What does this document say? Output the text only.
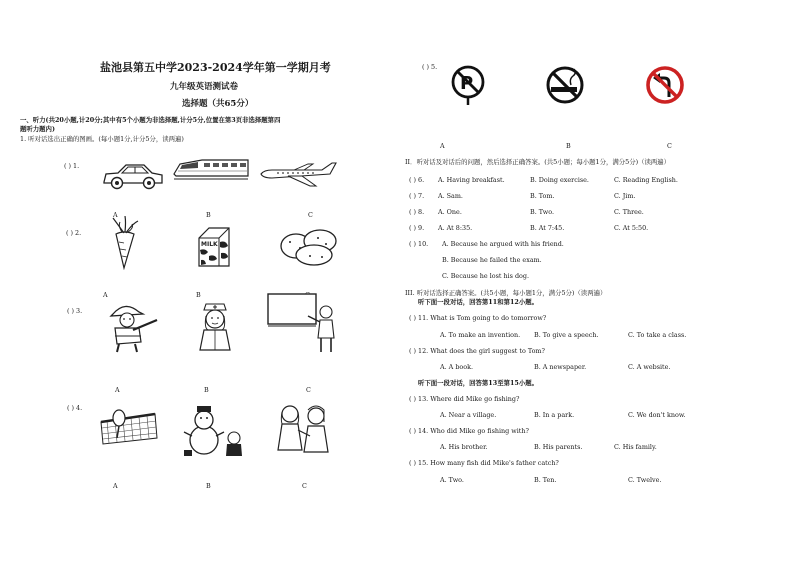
盐池县第五中学2023-2024学年第一学期月考
九年级英语测试卷
选择题（共65分）
一、听力(共20小题,计20分;其中有5个小题为非选择题,计分5分,位置在第3页非选择题第四
题听力题内)
1. 听对话选出正确的图画。(每小题1分,计分5分，读两遍)
( ) 1.
A	B	C
( ) 2.
MILK
A	B
( ) 3.
A	B	C
( ) 4.
A	B	C
( ) 5.
P
A	B	C
II．听对话及对话后的问题，然后选择正确答案。(共5小题；每小题1分，满分5分)（读两遍）
( ) 6. A. Having breakfast.	B. Doing exercise.	C. Reading English.
( ) 7. A. Sam.	B. Tom.	C. Jim.
( ) 8. A. One.	B. Two.	C. Three.
( ) 9. A. At 8:35.	B. At 7:45.	C. At 5:50.
( ) 10. A. Because he argued with his friend.
B. Because he failed the exam.
C. Because he lost his dog.
III. 听对话选择正确答案。(共5小题，每小题1分，满分5分)（读两遍）
听下面一段对话，回答第11和第12小题。
( ) 11. What is Tom going to do tomorrow?
A. To make an invention. B. To give a speech.	C. To take a class.
( ) 12. What does the girl suggest to Tom?
A. A book.	B. A newspaper.	C. A website.
听下面一段对话，回答第13至第15小题。
( ) 13. Where did Mike go fishing?
A. Near a village.	B. In a park.	C. We don't know.
( ) 14. Who did Mike go fishing with?
A. His brother.	B. His parents.	C. His family.
( ) 15. How many fish did Mike's father catch?
A. Two.	B. Ten.	C. Twelve.
